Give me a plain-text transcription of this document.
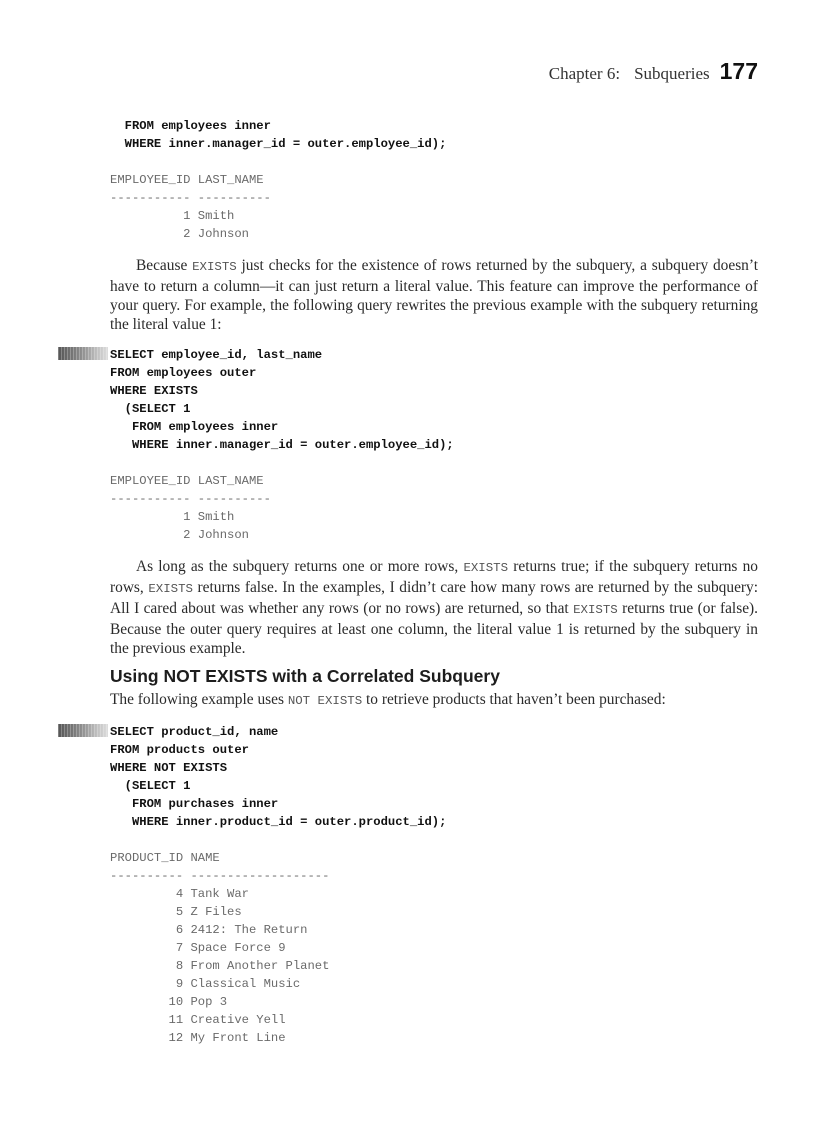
Chapter 6: Subqueries 177
FROM employees inner
WHERE inner.manager_id = outer.employee_id);
EMPLOYEE_ID LAST_NAME
----------- ----------
1 Smith
2 Johnson

Because EXISTS just checks for the existence of rows returned by the subquery, a subquery doesn’t have to return a column—it can just return a literal value. This feature can improve the performance of your query. For example, the following query rewrites the previous example with the subquery returning the literal value 1:

SELECT employee_id, last_name
FROM employees outer
WHERE EXISTS
(SELECT 1
FROM employees inner
WHERE inner.manager_id = outer.employee_id);
EMPLOYEE_ID LAST_NAME
----------- ----------
1 Smith
2 Johnson

As long as the subquery returns one or more rows, EXISTS returns true; if the subquery returns no rows, EXISTS returns false. In the examples, I didn’t care how many rows are returned by the subquery: All I cared about was whether any rows (or no rows) are returned, so that EXISTS returns true (or false). Because the outer query requires at least one column, the literal value 1 is returned by the subquery in the previous example.

Using NOT EXISTS with a Correlated Subquery
The following example uses NOT EXISTS to retrieve products that haven’t been purchased:
SELECT product_id, name
FROM products outer
WHERE NOT EXISTS
(SELECT 1
FROM purchases inner
WHERE inner.product_id = outer.product_id);
PRODUCT_ID NAME
---------- -------------------
4 Tank War
5 Z Files
6 2412: The Return
7 Space Force 9
8 From Another Planet
9 Classical Music
10 Pop 3
11 Creative Yell
12 My Front Line
